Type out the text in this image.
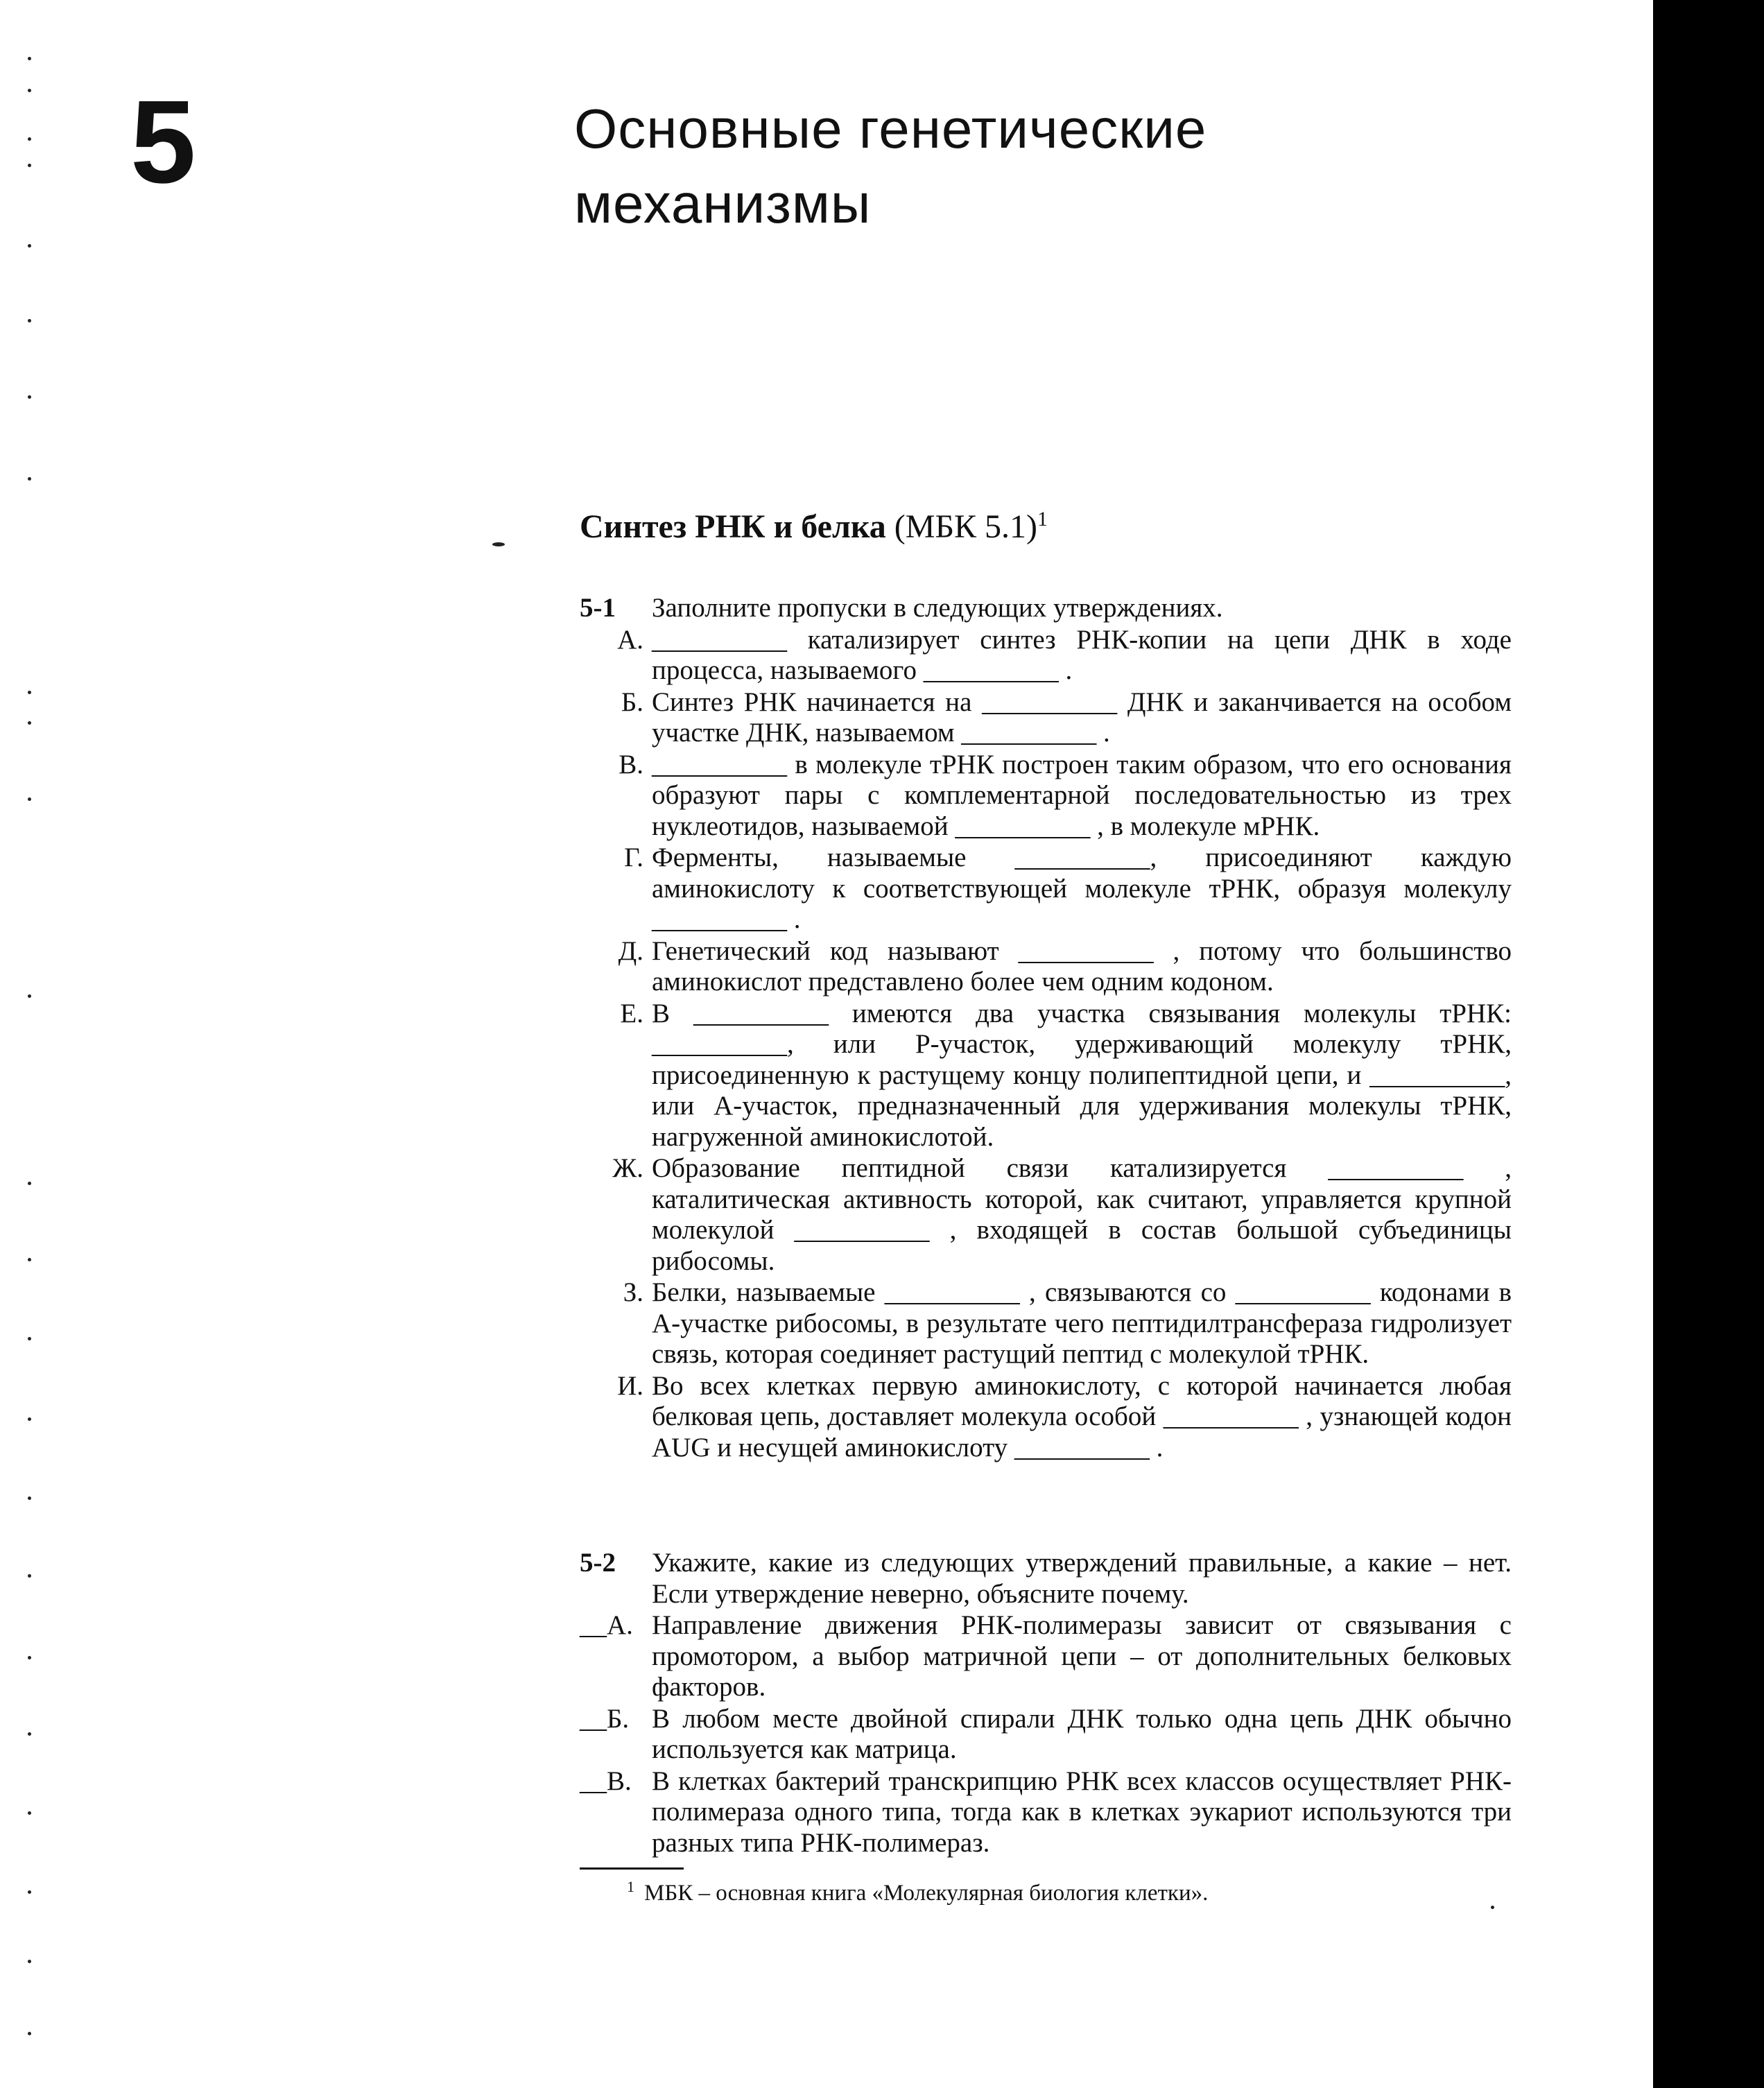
5	Основные генетические
механизмы
Синтез РНК и белка (МБК 5.1)$^1$
5-1	Заполните пропуски в следующих утверждениях.
А. __________ катализирует синтез РНК-копии на цепи ДНК в ходе процесса, называемого __________ .
Б. Синтез РНК начинается на __________ ДНК и заканчивается на особом участке ДНК, называемом __________ .
В. __________ в молекуле тРНК построен таким образом, что его основания образуют пары с комплементарной последовательностью из трех нуклеотидов, называемой __________ , в молекуле мРНК.
Г. Ферменты, называемые __________, присоединяют каждую аминокислоту к соответствующей молекуле тРНК, образуя молекулу __________ .
Д. Генетический код называют __________ , потому что большинство аминокислот представлено более чем одним кодоном.
Е. В __________ имеются два участка связывания молекулы тРНК: __________, или Р-участок, удерживающий молекулу тРНК, присоединенную к растущему концу полипептидной цепи, и __________, или А-участок, предназначенный для удерживания молекулы тРНК, нагруженной аминокислотой.
Ж. Образование пептидной связи катализируется __________ , каталитическая активность которой, как считают, управляется крупной молекулой __________ , входящей в состав большой субъединицы рибосомы.
З. Белки, называемые __________ , связываются со __________ кодонами в А-участке рибосомы, в результате чего пептидилтрансфераза гидролизует связь, которая соединяет растущий пептид с молекулой тРНК.
И. Во всех клетках первую аминокислоту, с которой начинается любая белковая цепь, доставляет молекула особой __________ , узнающей кодон AUG и несущей аминокислоту __________ .
5-2	Укажите, какие из следующих утверждений правильные, а какие – нет. Если утверждение неверно, объясните почему.
__А. Направление движения РНК-полимеразы зависит от связывания с промотором, а выбор матричной цепи – от дополнительных белковых факторов.
__Б. В любом месте двойной спирали ДНК только одна цепь ДНК обычно используется как матрица.
__В. В клетках бактерий транскрипцию РНК всех классов осуществляет РНК-полимераза одного типа, тогда как в клетках эукариот используются три разных типа РНК-полимераз.
$^1$ МБК – основная книга «Молекулярная биология клетки».
